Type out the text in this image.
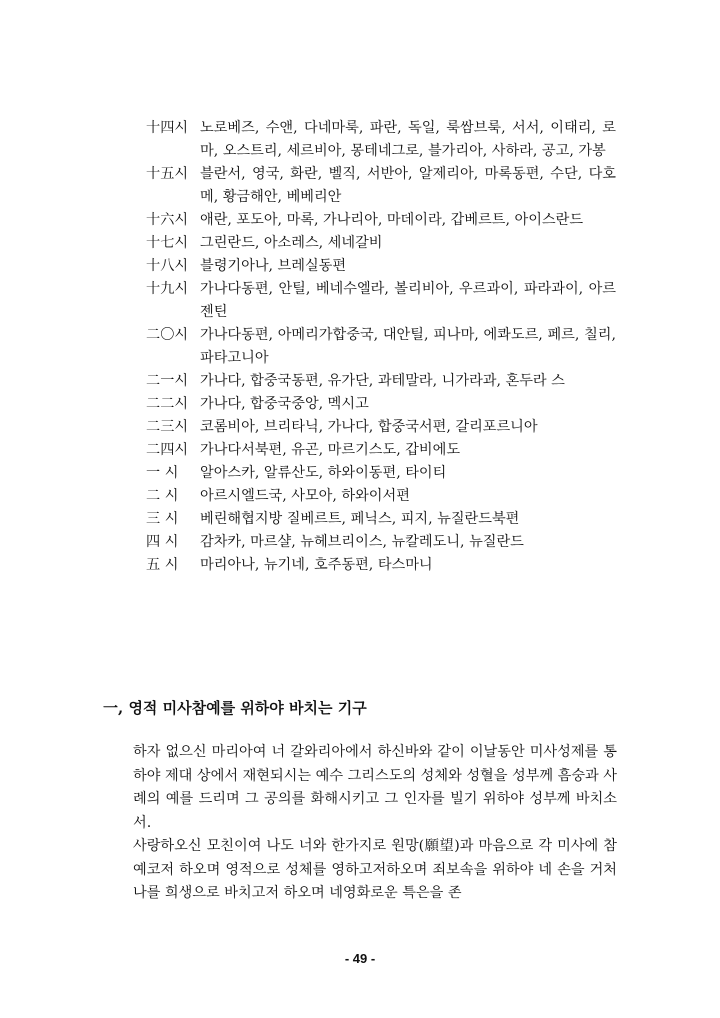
十四시 노로베즈, 수앤, 다네마룩, 파란, 독일, 룩쌈브룩, 서서, 이태리, 로마, 오스트리, 세르비아, 몽테네그로, 블가리아, 사하라, 공고, 가봉
十五시 블란서, 영국, 화란, 벨직, 서반아, 알제리아, 마록동편, 수단, 다호메, 황금해안, 베베리안
十六시 애란, 포도아, 마록, 가나리아, 마데이라, 갑베르트, 아이스란드
十七시 그린란드, 아소레스, 세네갈비
十八시 블령기아나, 브레실동편
十九시 가나다동편, 안틸, 베네수엘라, 볼리비아, 우르과이, 파라과이, 아르젠틴
二〇시 가나다동편, 아메리가합중국, 대안틸, 피나마, 에콰도르, 페르, 칠리, 파타고니아
二一시 가나다, 합중국동편, 유가단, 과테말라, 니가라과, 혼두라 스
二二시 가나다, 합중국중앙, 멕시고
二三시 코롬비아, 브리타닉, 가나다, 합중국서편, 갈리포르니아
二四시 가나다서북편, 유곤, 마르기스도, 갑비에도
一 시	알아스카, 알류산도, 하와이동편, 타이티
二 시	아르시엘드국, 사모아, 하와이서편
三 시	베린해협지방 질베르트, 페닉스, 피지, 뉴질란드북편
四 시	감차카, 마르샬, 뉴헤브리이스, 뉴칼레도니, 뉴질란드
五 시	마리아나, 뉴기네, 호주동편, 타스마니
一, 영적 미사참예를 위하야 바치는 기구

하자 없으신 마리아여 너 갈와리아에서 하신바와 같이 이날동안 미사성제를 통하야 제대 상에서 재현되시는 예수 그리스도의 성체와 성혈을 성부께 흠숭과 사례의 예를 드리며 그 공의를 화해시키고 그 인자를 빌기 위하야 성부께 바치소서.

사랑하오신 모친이여 나도 너와 한가지로 원망(願望)과 마음으로 각 미사에 참예코저 하오며 영적으로 성체를 영하고저하오며 죄보속을 위하야 네 손을 거처 나를 희생으로 바치고저 하오며 네영화로운 특은을 존

- 49 -
